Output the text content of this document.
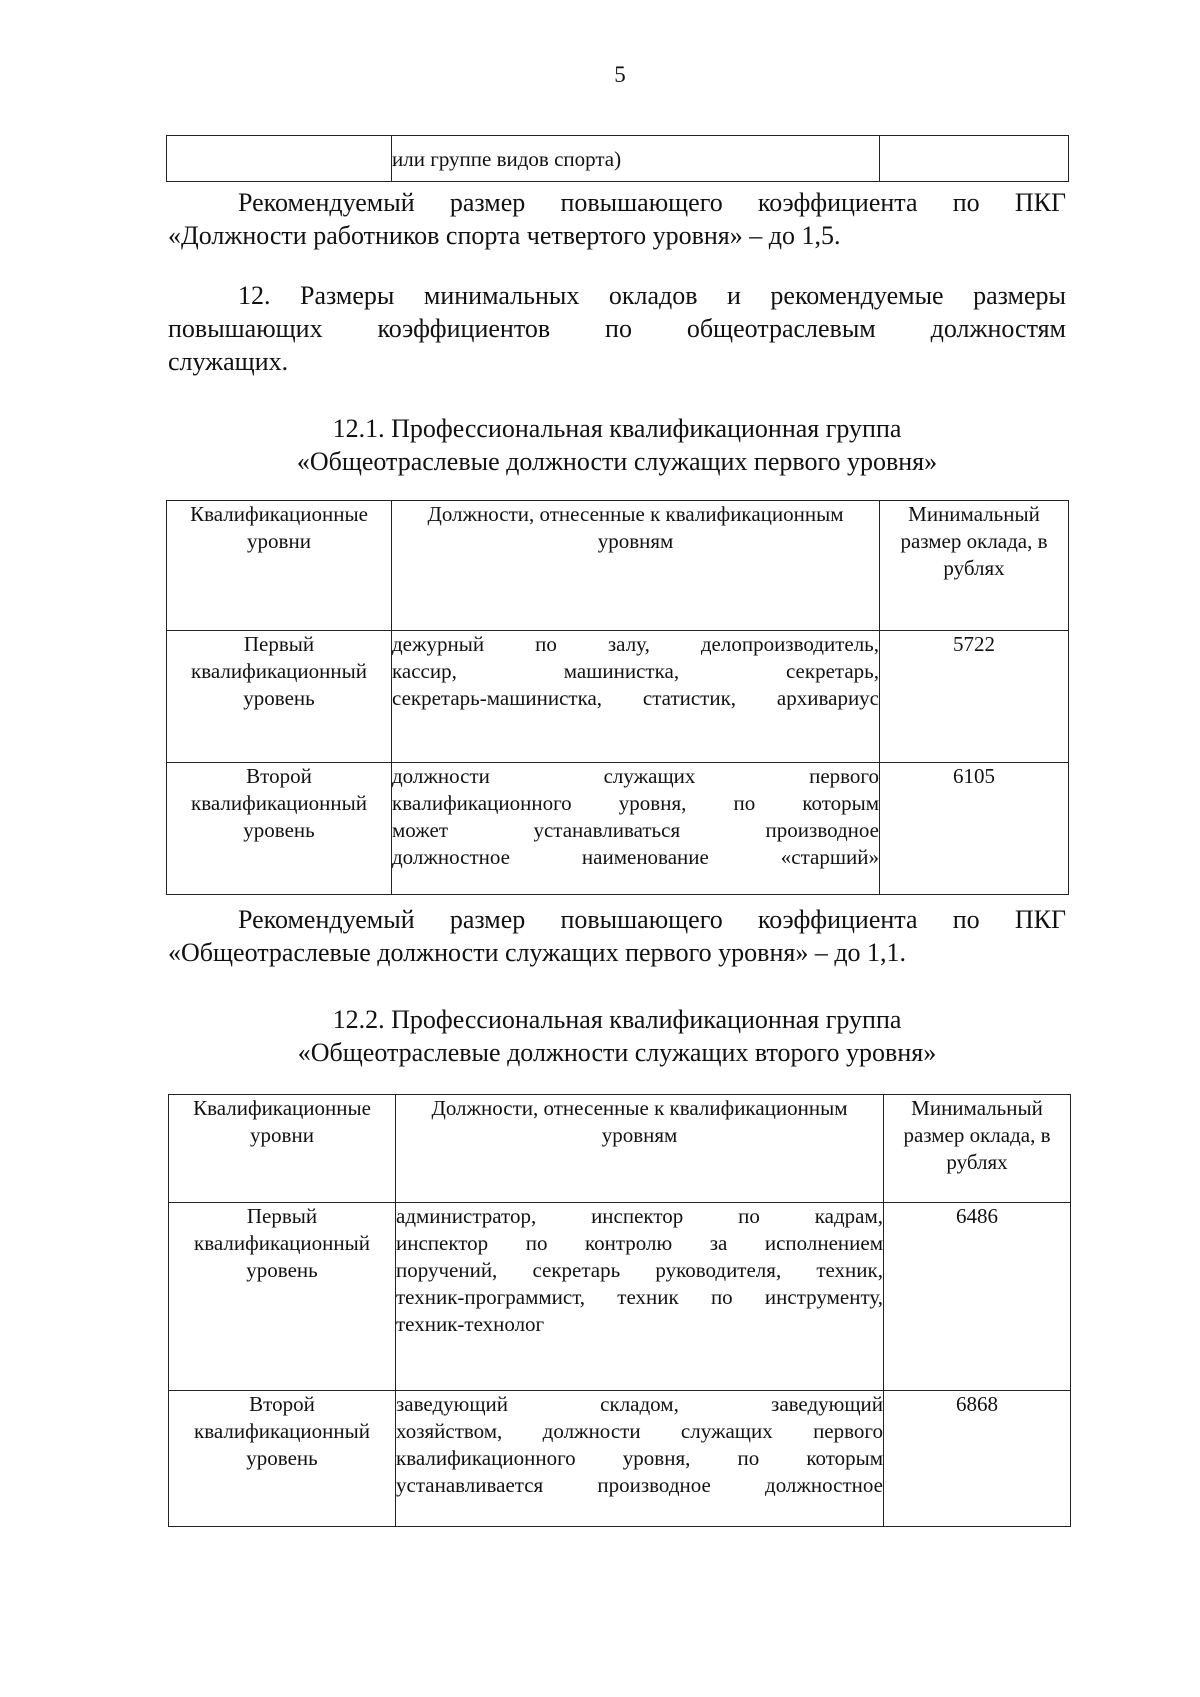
5
	или группе видов спорта)	

Рекомендуемый размер повышающего коэффициента по ПКГ
«Должности работников спорта четвертого уровня» – до 1,5.

12. Размеры минимальных окладов и рекомендуемые размеры
повышающих коэффициентов по общеотраслевым должностям
служащих.

12.1. Профессиональная квалификационная группа
«Общеотраслевые должности служащих первого уровня»
Квалификационные уровни	Должности, отнесенные к квалификационным уровням	Минимальный размер оклада, в рублях
Первый квалификационный уровень	дежурный по залу, делопроизводитель,
кассир, машинистка, секретарь,
секретарь-машинистка, статистик, архивариус	5722
Второй квалификационный уровень	должности служащих первого
квалификационного уровня, по которым
может устанавливаться производное
должностное наименование «старший»	6105

Рекомендуемый размер повышающего коэффициента по ПКГ
«Общеотраслевые должности служащих первого уровня» – до 1,1.

12.2. Профессиональная квалификационная группа
«Общеотраслевые должности служащих второго уровня»
Квалификационные уровни	Должности, отнесенные к квалификационным уровням	Минимальный размер оклада, в рублях
Первый квалификационный уровень	администратор, инспектор по кадрам,
инспектор по контролю за исполнением
поручений, секретарь руководителя, техник,
техник-программист, техник по инструменту,
техник-технолог	6486
Второй квалификационный уровень	заведующий складом, заведующий
хозяйством, должности служащих первого
квалификационного уровня, по которым
устанавливается производное должностное	6868
